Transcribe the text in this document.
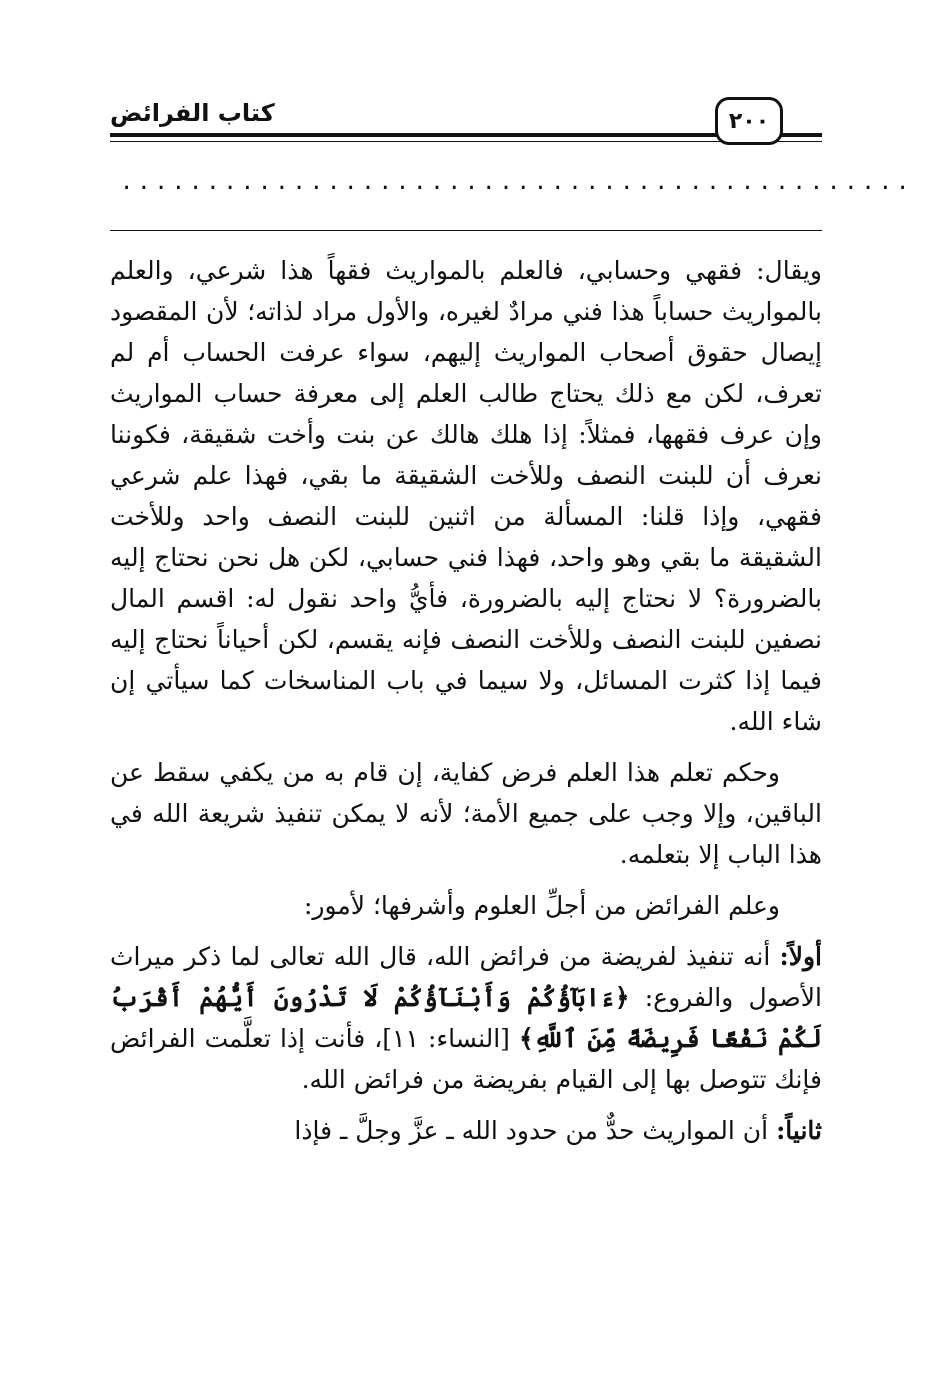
كتاب الفرائض	٢٠٠
..............................................

ويقال: فقهي وحسابي، فالعلم بالمواريث فقهاً هذا شرعي، والعلم بالمواريث حساباً هذا فني مرادٌ لغيره، والأول مراد لذاته؛ لأن المقصود إيصال حقوق أصحاب المواريث إليهم، سواء عرفت الحساب أم لم تعرف، لكن مع ذلك يحتاج طالب العلم إلى معرفة حساب المواريث وإن عرف فقهها، فمثلاً: إذا هلك هالك عن بنت وأخت شقيقة، فكوننا نعرف أن للبنت النصف وللأخت الشقيقة ما بقي، فهذا علم شرعي فقهي، وإذا قلنا: المسألة من اثنين للبنت النصف واحد وللأخت الشقيقة ما بقي وهو واحد، فهذا فني حسابي، لكن هل نحن نحتاج إليه بالضرورة؟ لا نحتاج إليه بالضرورة، فأيُّ واحد نقول له: اقسم المال نصفين للبنت النصف وللأخت النصف فإنه يقسم، لكن أحياناً نحتاج إليه فيما إذا كثرت المسائل، ولا سيما في باب المناسخات كما سيأتي إن شاء الله.

وحكم تعلم هذا العلم فرض كفاية، إن قام به من يكفي سقط عن الباقين، وإلا وجب على جميع الأمة؛ لأنه لا يمكن تنفيذ شريعة الله في هذا الباب إلا بتعلمه.

وعلم الفرائض من أجلِّ العلوم وأشرفها؛ لأمور:

أولاً: أنه تنفيذ لفريضة من فرائض الله، قال الله تعالى لما ذكر ميراث الأصول والفروع: ﴿ءَابَآؤُكُمْ وَأَبْنَآؤُكُمْ لَا تَدْرُونَ أَيُّهُمْ أَقْرَبُ لَكُمْ نَفْعًا فَرِيضَةً مِّنَ ٱللَّهِ﴾ [النساء: ١١]، فأنت إذا تعلَّمت الفرائض فإنك تتوصل بها إلى القيام بفريضة من فرائض الله.

ثانياً: أن المواريث حدٌّ من حدود الله ـ عزَّ وجلَّ ـ فإذا
